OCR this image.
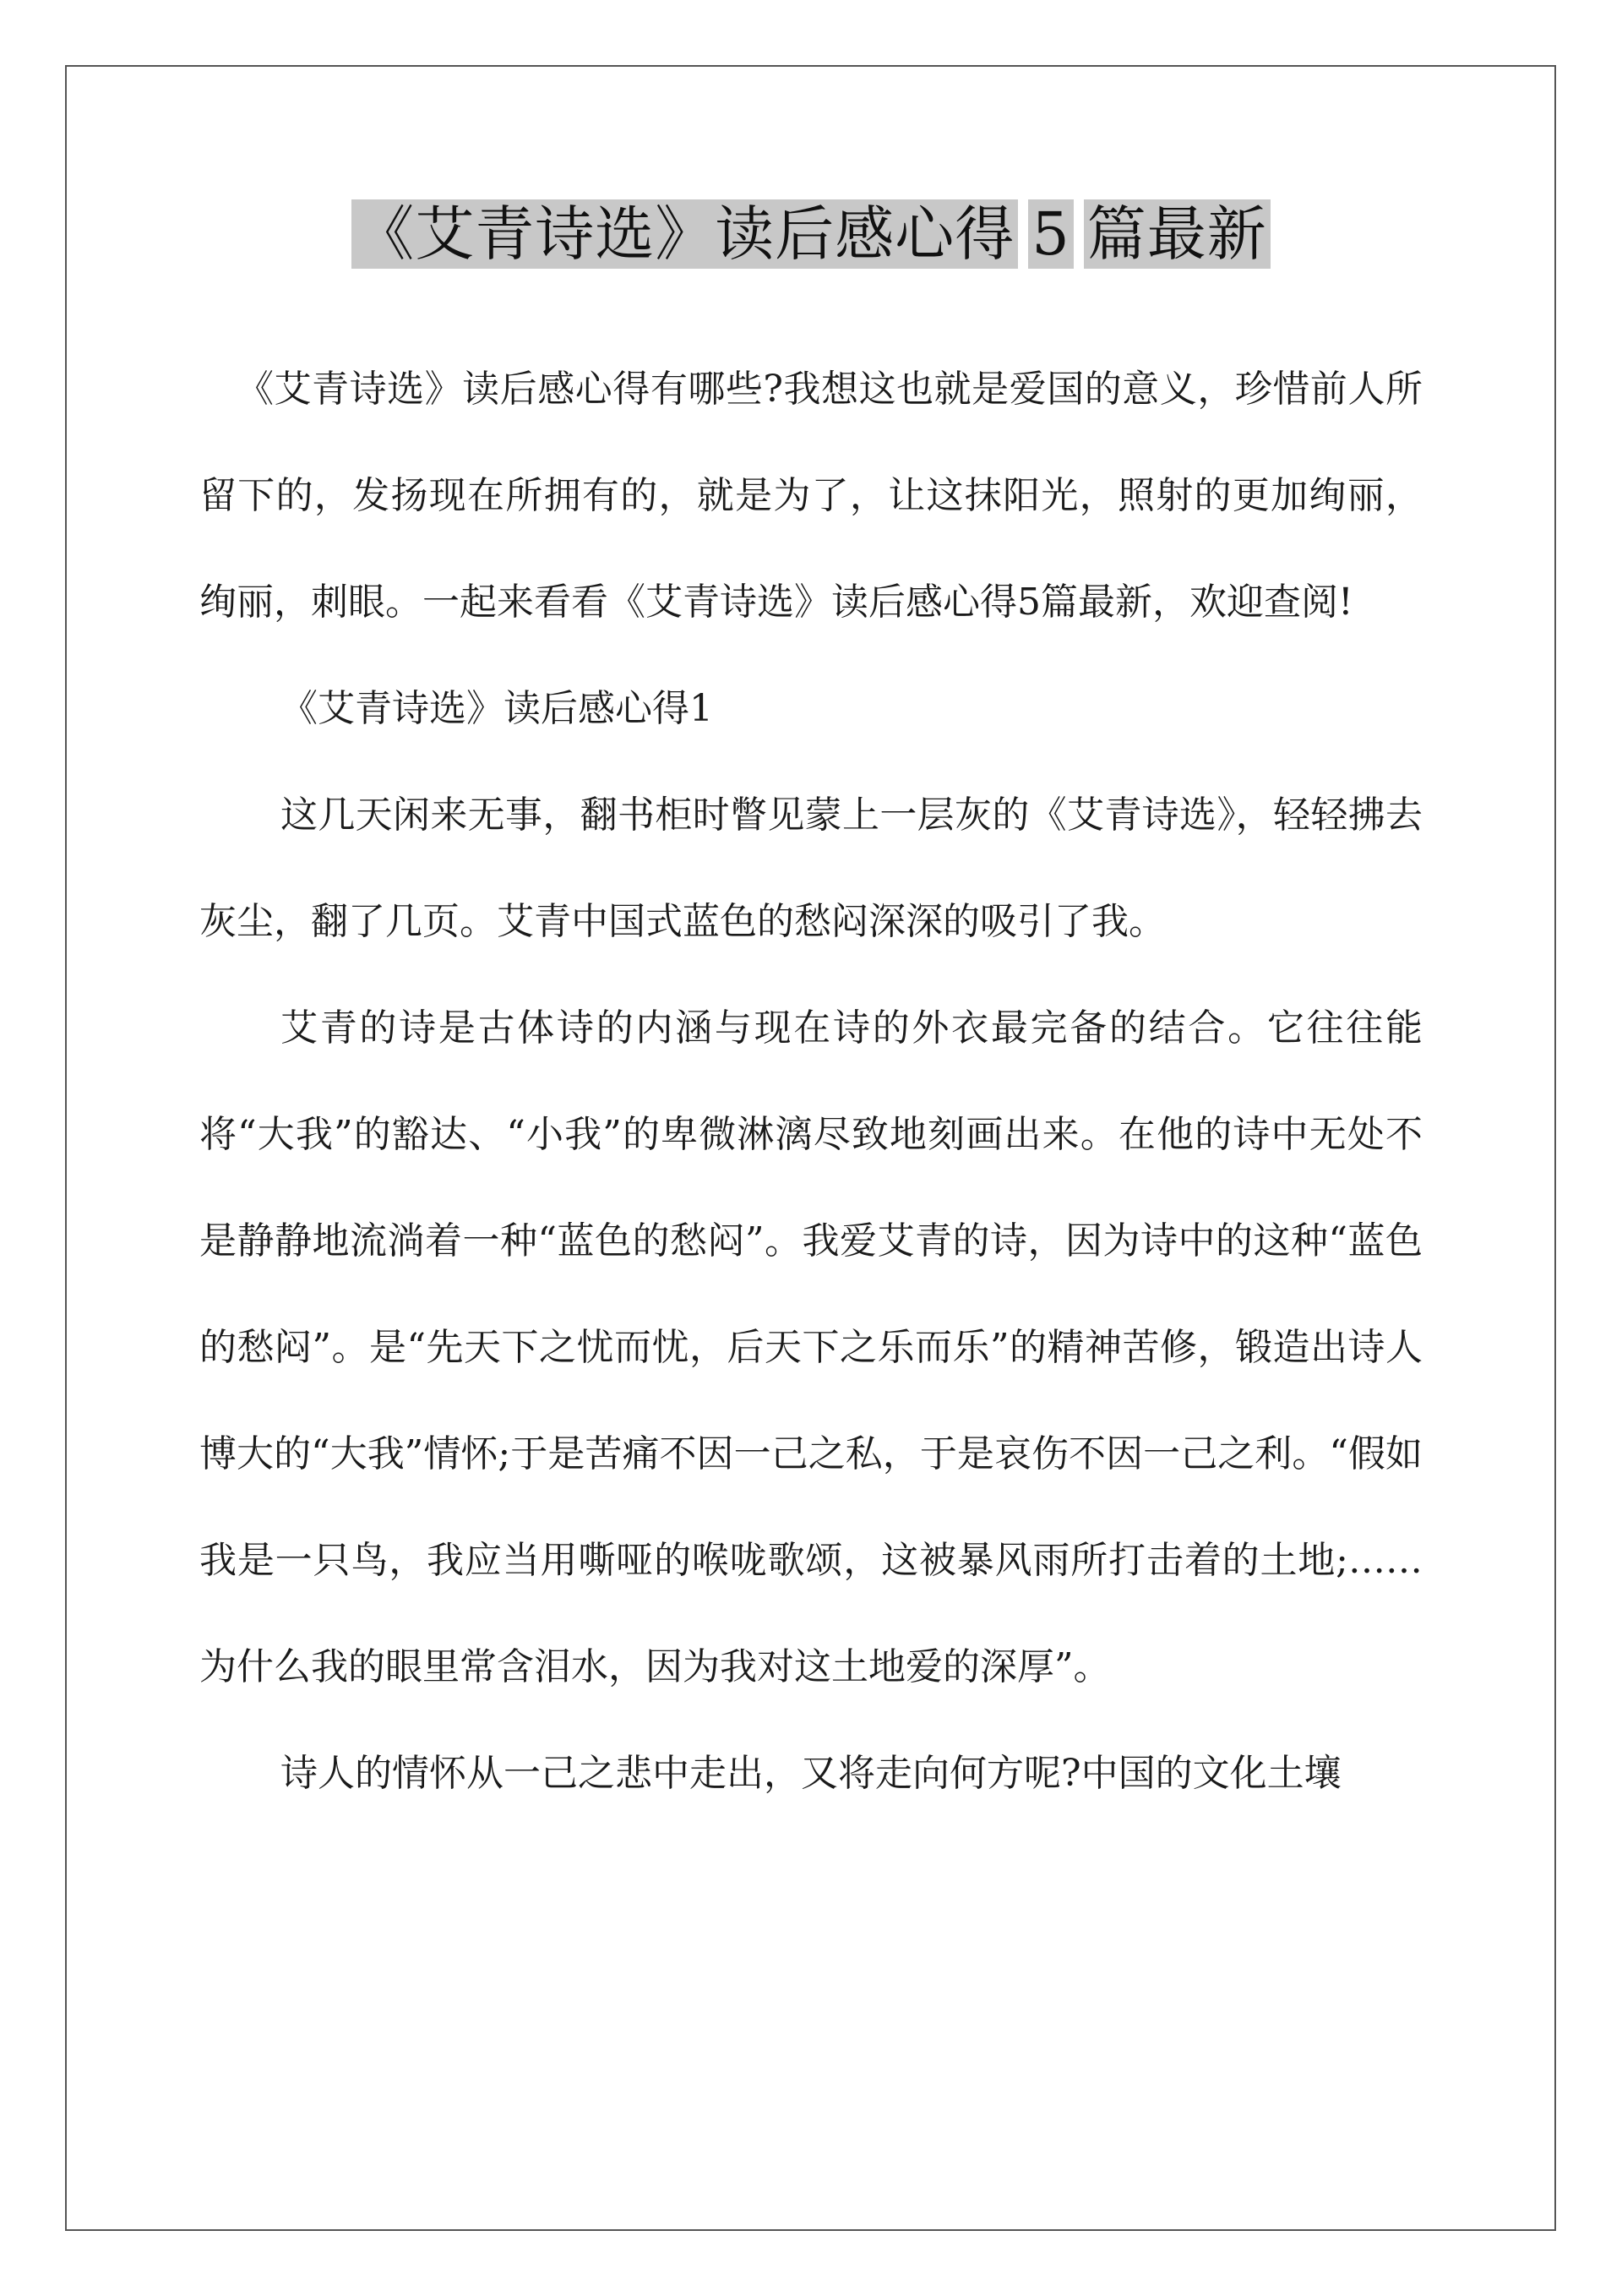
《艾青诗选》读后感心得 5 篇最新

《艾青诗选》读后感心得有哪些?我想这也就是爱国的意义，珍惜前人所留下的，发扬现在所拥有的，就是为了，让这抹阳光，照射的更加绚丽，绚丽，刺眼。一起来看看《艾青诗选》读后感心得5篇最新，欢迎查阅!

《艾青诗选》读后感心得1

这几天闲来无事，翻书柜时瞥见蒙上一层灰的《艾青诗选》，轻轻拂去灰尘，翻了几页。艾青中国式蓝色的愁闷深深的吸引了我。

艾青的诗是古体诗的内涵与现在诗的外衣最完备的结合。它往往能将“大我”的豁达、“小我”的卑微淋漓尽致地刻画出来。在他的诗中无处不是静静地流淌着一种“蓝色的愁闷”。我爱艾青的诗，因为诗中的这种“蓝色的愁闷”。是“先天下之忧而忧，后天下之乐而乐”的精神苦修，锻造出诗人博大的“大我”情怀;于是苦痛不因一己之私，于是哀伤不因一己之利。“假如我是一只鸟，我应当用嘶哑的喉咙歌颂，这被暴风雨所打击着的土地;……为什么我的眼里常含泪水，因为我对这土地爱的深厚”。

诗人的情怀从一己之悲中走出，又将走向何方呢?中国的文化土壤
